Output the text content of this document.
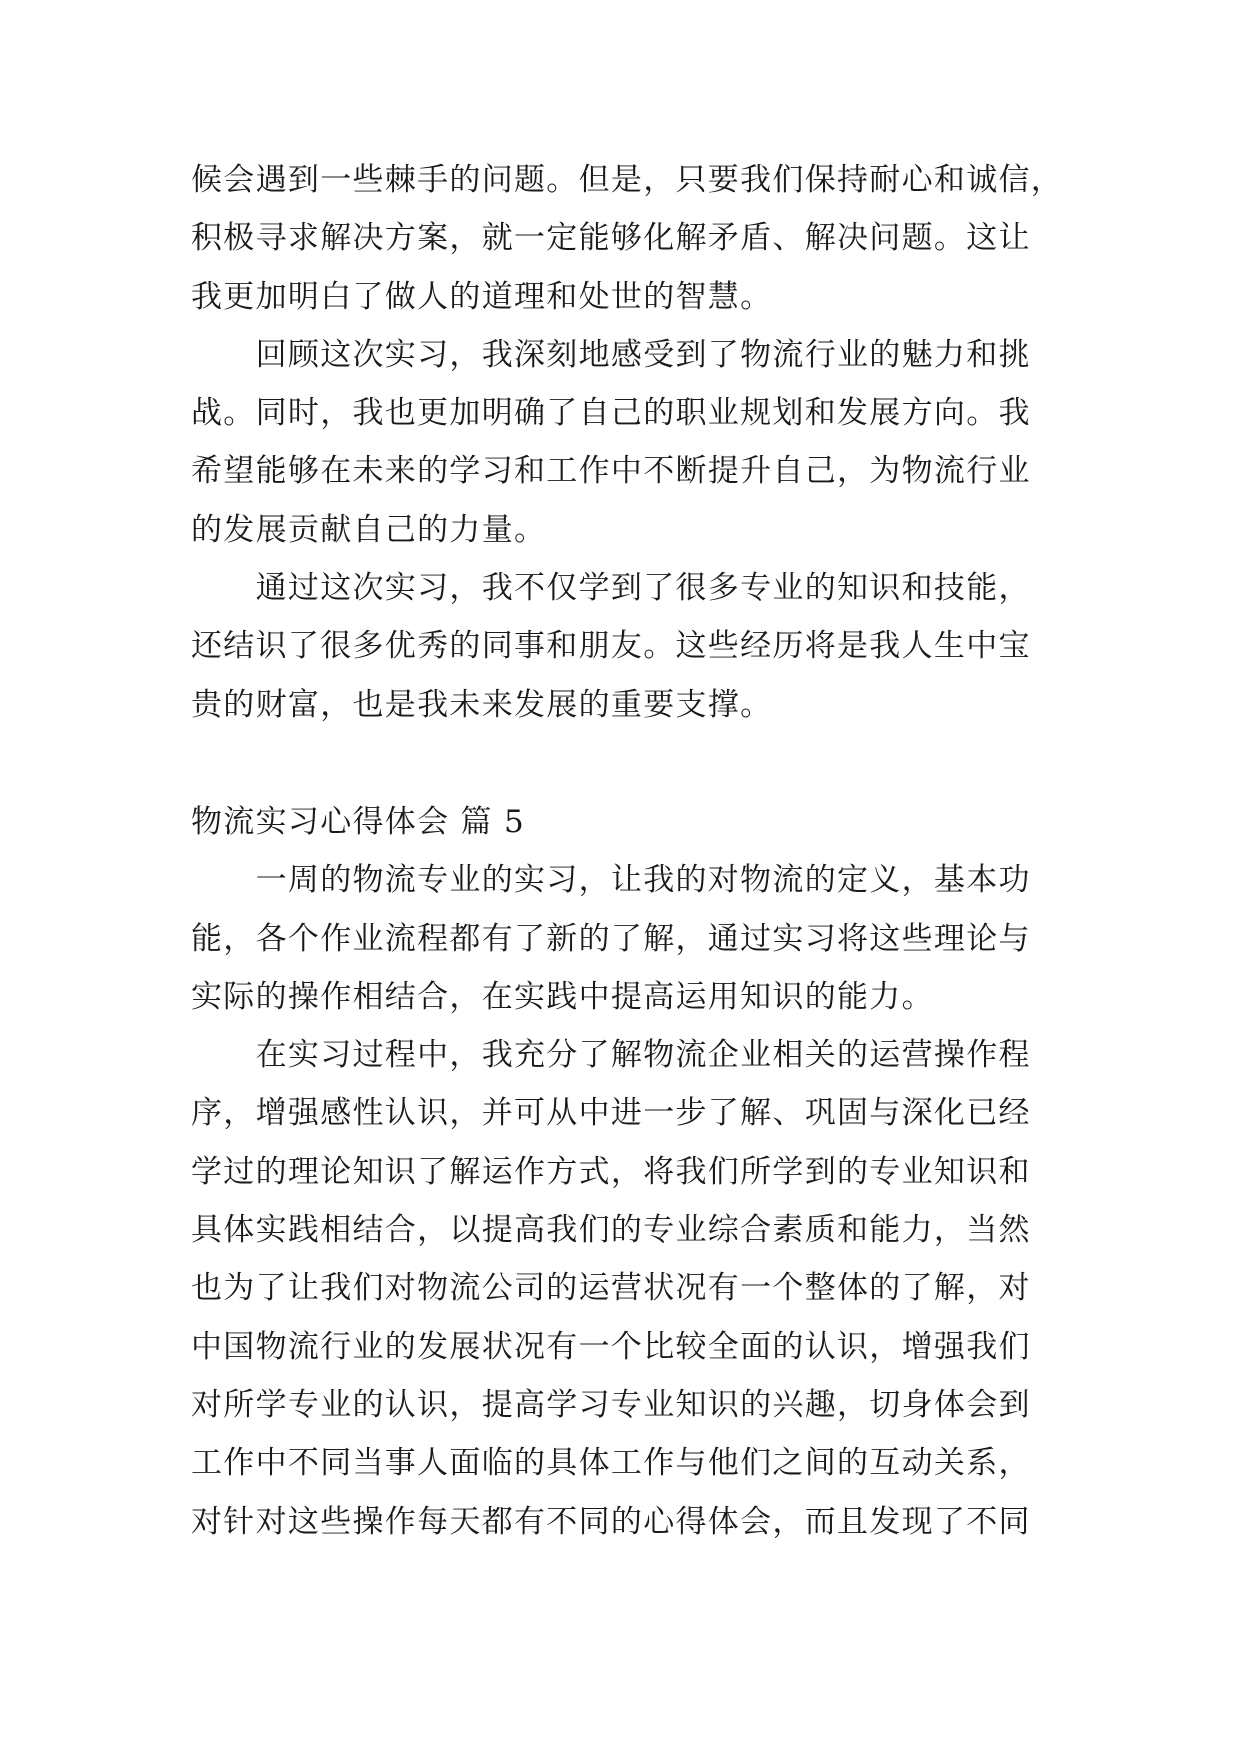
候会遇到一些棘手的问题。但是，只要我们保持耐心和诚信，
积极寻求解决方案，就一定能够化解矛盾、解决问题。这让
我更加明白了做人的道理和处世的智慧。
　　回顾这次实习，我深刻地感受到了物流行业的魅力和挑
战。同时，我也更加明确了自己的职业规划和发展方向。我
希望能够在未来的学习和工作中不断提升自己，为物流行业
的发展贡献自己的力量。
　　通过这次实习，我不仅学到了很多专业的知识和技能，
还结识了很多优秀的同事和朋友。这些经历将是我人生中宝
贵的财富，也是我未来发展的重要支撑。
物流实习心得体会 篇 5
　　一周的物流专业的实习，让我的对物流的定义，基本功
能，各个作业流程都有了新的了解，通过实习将这些理论与
实际的操作相结合，在实践中提高运用知识的能力。
　　在实习过程中，我充分了解物流企业相关的运营操作程
序，增强感性认识，并可从中进一步了解、巩固与深化已经
学过的理论知识了解运作方式，将我们所学到的专业知识和
具体实践相结合，以提高我们的专业综合素质和能力，当然
也为了让我们对物流公司的运营状况有一个整体的了解，对
中国物流行业的发展状况有一个比较全面的认识，增强我们
对所学专业的认识，提高学习专业知识的兴趣，切身体会到
工作中不同当事人面临的具体工作与他们之间的互动关系，
对针对这些操作每天都有不同的心得体会，而且发现了不同
